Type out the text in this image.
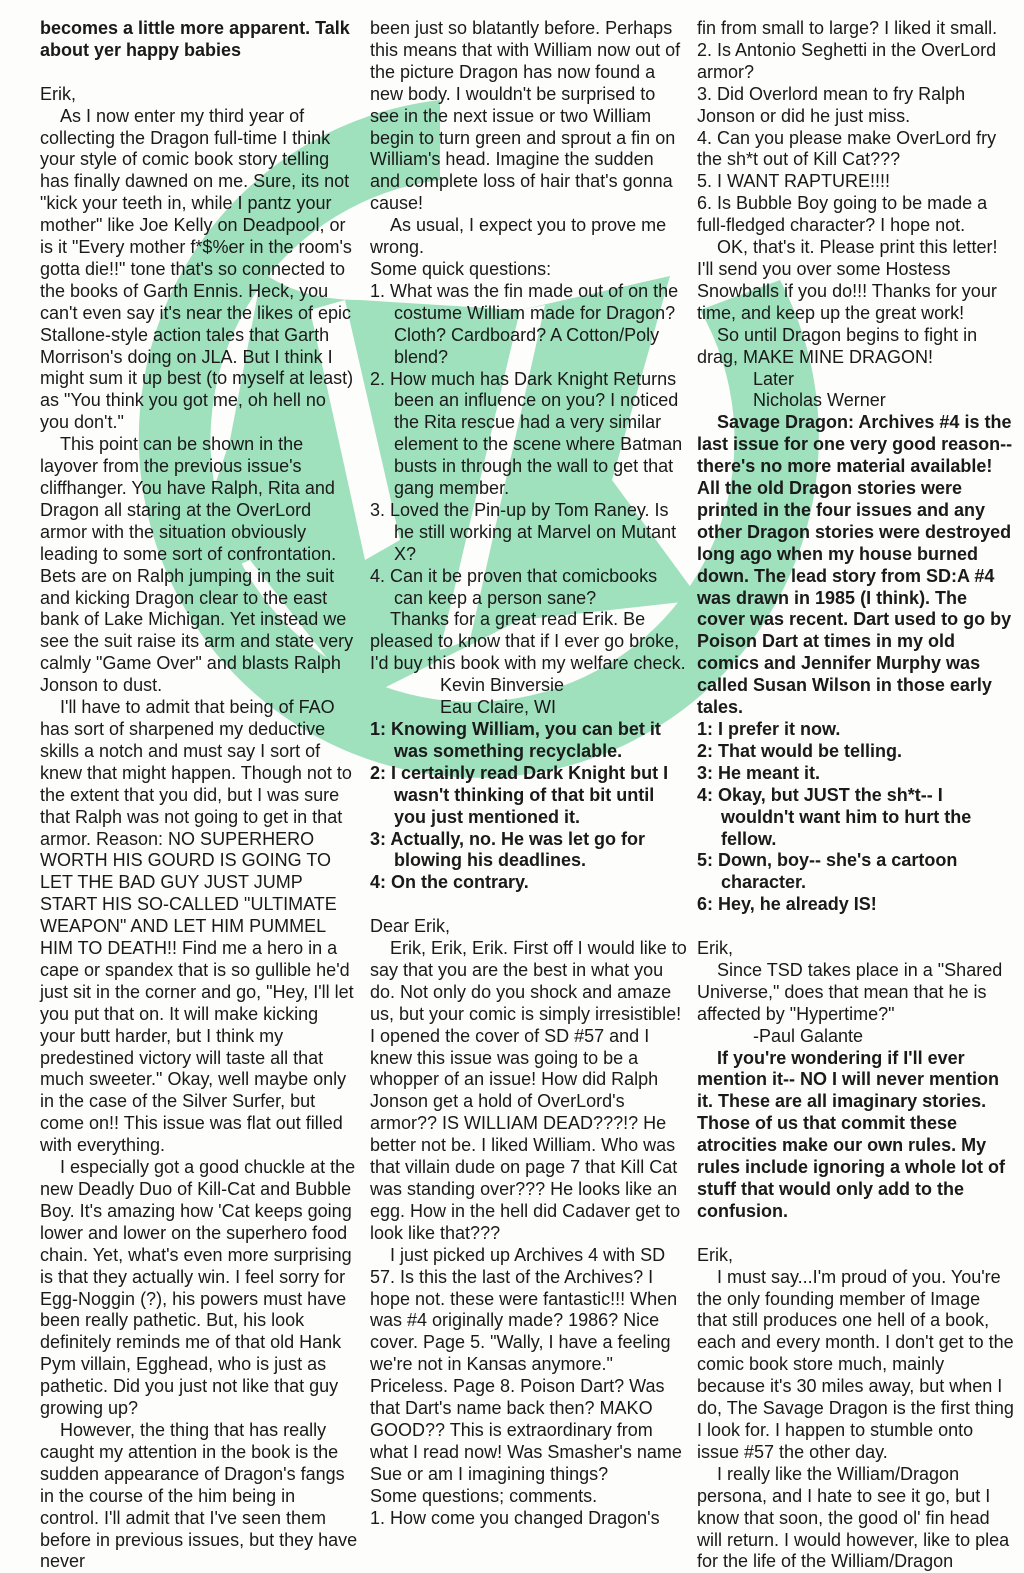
becomes a little more apparent. Talk about yer happy babies

Erik,

As I now enter my third year of collecting the Dragon full-time I think your style of comic book story telling has finally dawned on me. Sure, its not "kick your teeth in, while I pantz your mother" like Joe Kelly on Deadpool, or is it "Every mother f*$%er in the room's gotta die!!" tone that's so connected to the books of Garth Ennis. Heck, you can't even say it's near the likes of epic Stallone-style action tales that Garth Morrison's doing on JLA. But I think I might sum it up best (to myself at least) as "You think you got me, oh hell no you don't."

This point can be shown in the layover from the previous issue's cliffhanger. You have Ralph, Rita and Dragon all staring at the OverLord armor with the situation obviously leading to some sort of confrontation. Bets are on Ralph jumping in the suit and kicking Dragon clear to the east bank of Lake Michigan. Yet instead we see the suit raise its arm and state very calmly "Game Over" and blasts Ralph Jonson to dust.

I'll have to admit that being of FAO has sort of sharpened my deductive skills a notch and must say I sort of knew that might happen. Though not to the extent that you did, but I was sure that Ralph was not going to get in that armor. Reason: NO SUPERHERO WORTH HIS GOURD IS GOING TO LET THE BAD GUY JUST JUMP START HIS SO-CALLED "ULTIMATE WEAPON" AND LET HIM PUMMEL HIM TO DEATH!! Find me a hero in a cape or spandex that is so gullible he'd just sit in the corner and go, "Hey, I'll let you put that on. It will make kicking your butt harder, but I think my predestined victory will taste all that much sweeter." Okay, well maybe only in the case of the Silver Surfer, but come on!! This issue was flat out filled with everything.

I especially got a good chuckle at the new Deadly Duo of Kill-Cat and Bubble Boy. It's amazing how 'Cat keeps going lower and lower on the superhero food chain. Yet, what's even more surprising is that they actually win. I feel sorry for Egg-Noggin (?), his powers must have been really pathetic. But, his look definitely reminds me of that old Hank Pym villain, Egghead, who is just as pathetic. Did you just not like that guy growing up?

However, the thing that has really caught my attention in the book is the sudden appearance of Dragon's fangs in the course of the him being in control. I'll admit that I've seen them before in previous issues, but they have never

been just so blatantly before. Perhaps this means that with William now out of the picture Dragon has now found a new body. I wouldn't be surprised to see in the next issue or two William begin to turn green and sprout a fin on William's head. Imagine the sudden and complete loss of hair that's gonna cause!

As usual, I expect you to prove me wrong.

Some quick questions:

1. What was the fin made out of on the costume William made for Dragon? Cloth? Cardboard? A Cotton/Poly blend?

2. How much has Dark Knight Returns been an influence on you? I noticed the Rita rescue had a very similar element to the scene where Batman busts in through the wall to get that gang member.

3. Loved the Pin-up by Tom Raney. Is he still working at Marvel on Mutant X?

4. Can it be proven that comicbooks can keep a person sane?

Thanks for a great read Erik. Be pleased to know that if I ever go broke, I'd buy this book with my welfare check.

Kevin Binversie

Eau Claire, WI

1: Knowing William, you can bet it was something recyclable.

2: I certainly read Dark Knight but I wasn't thinking of that bit until you just mentioned it.

3: Actually, no. He was let go for blowing his deadlines.

4: On the contrary.

Dear Erik,

Erik, Erik, Erik. First off I would like to say that you are the best in what you do. Not only do you shock and amaze us, but your comic is simply irresistible! I opened the cover of SD #57 and I knew this issue was going to be a whopper of an issue! How did Ralph Jonson get a hold of OverLord's armor?? IS WILLIAM DEAD???!? He better not be. I liked William. Who was that villain dude on page 7 that Kill Cat was standing over??? He looks like an egg. How in the hell did Cadaver get to look like that???

I just picked up Archives 4 with SD 57. Is this the last of the Archives? I hope not. these were fantastic!!! When was #4 originally made? 1986? Nice cover. Page 5. "Wally, I have a feeling we're not in Kansas anymore." Priceless. Page 8. Poison Dart? Was that Dart's name back then? MAKO GOOD?? This is extraordinary from what I read now! Was Smasher's name Sue or am I imagining things?

Some questions; comments.

1. How come you changed Dragon's

fin from small to large? I liked it small.

2. Is Antonio Seghetti in the OverLord armor?

3. Did Overlord mean to fry Ralph Jonson or did he just miss.

4. Can you please make OverLord fry the sh*t out of Kill Cat???

5. I WANT RAPTURE!!!!

6. Is Bubble Boy going to be made a full-fledged character? I hope not.

OK, that's it. Please print this letter! I'll send you over some Hostess Snowballs if you do!!! Thanks for your time, and keep up the great work!

So until Dragon begins to fight in drag, MAKE MINE DRAGON!

Later

Nicholas Werner

Savage Dragon: Archives #4 is the last issue for one very good reason-- there's no more material available! All the old Dragon stories were printed in the four issues and any other Dragon stories were destroyed long ago when my house burned down. The lead story from SD:A #4 was drawn in 1985 (I think). The cover was recent. Dart used to go by Poison Dart at times in my old comics and Jennifer Murphy was called Susan Wilson in those early tales.

1: I prefer it now.

2: That would be telling.

3: He meant it.

4: Okay, but JUST the sh*t-- I wouldn't want him to hurt the fellow.

5: Down, boy-- she's a cartoon character.

6: Hey, he already IS!

Erik,

Since TSD takes place in a "Shared Universe," does that mean that he is affected by "Hypertime?"

-Paul Galante

If you're wondering if I'll ever mention it-- NO I will never mention it. These are all imaginary stories. Those of us that commit these atrocities make our own rules. My rules include ignoring a whole lot of stuff that would only add to the confusion.

Erik,

I must say...I'm proud of you. You're the only founding member of Image that still produces one hell of a book, each and every month. I don't get to the comic book store much, mainly because it's 30 miles away, but when I do, The Savage Dragon is the first thing I look for. I happen to stumble onto issue #57 the other day.

I really like the William/Dragon persona, and I hate to see it go, but I know that soon, the good ol' fin head will return. I would however, like to plea for the life of the William/Dragon
